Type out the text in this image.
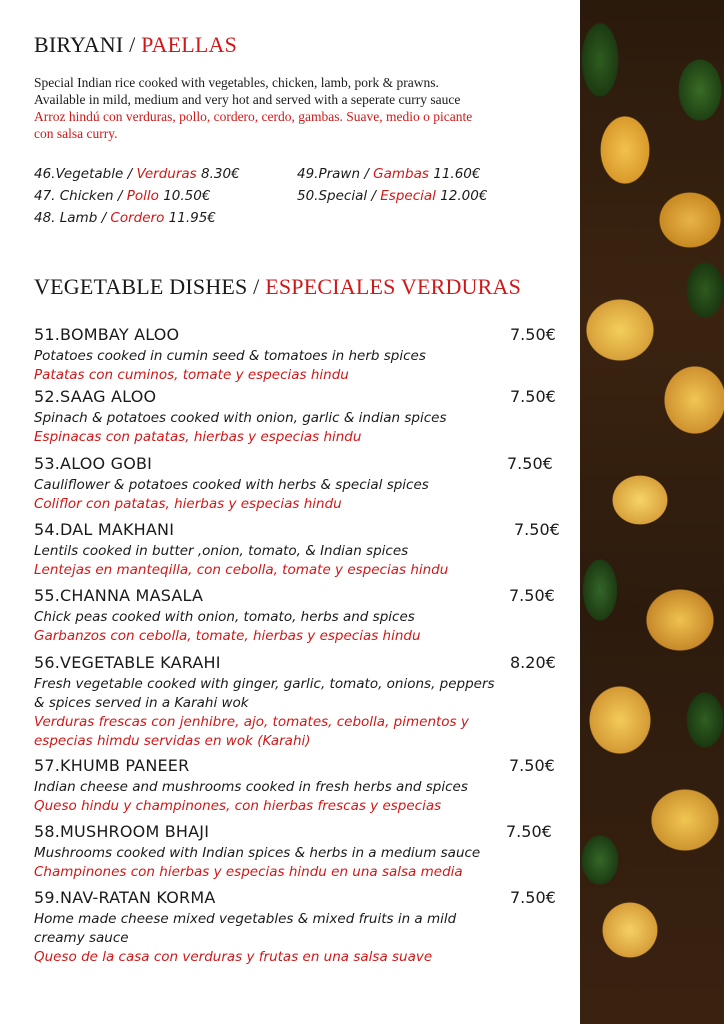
BIRYANI / PAELLAS
Special Indian rice cooked with vegetables, chicken, lamb, pork & prawns.
Available in mild, medium and very hot and served with a seperate curry sauce
Arroz hindú con verduras, pollo, cordero, cerdo, gambas. Suave, medio o picante
con salsa curry.
46.Vegetable / Verduras 8.30€
47. Chicken / Pollo 10.50€
48. Lamb / Cordero 11.95€
49.Prawn / Gambas 11.60€
50.Special / Especial 12.00€
VEGETABLE DISHES / ESPECIALES VERDURAS
51.BOMBAY ALOO	7.50€
Potatoes cooked in cumin seed & tomatoes in herb spices
Patatas con cuminos, tomate y especias hindu
52.SAAG ALOO	7.50€
Spinach & potatoes cooked with onion, garlic & indian spices
Espinacas con patatas, hierbas y especias hindu
53.ALOO GOBI	7.50€
Cauliflower & potatoes cooked with herbs & special spices
Coliflor con patatas, hierbas y especias hindu
54.DAL MAKHANI	7.50€
Lentils cooked in butter ,onion, tomato, & Indian spices
Lentejas en manteqilla, con cebolla, tomate y especias hindu
55.CHANNA MASALA	7.50€
Chick peas cooked with onion, tomato, herbs and spices
Garbanzos con cebolla, tomate, hierbas y especias hindu
56.VEGETABLE KARAHI	8.20€
Fresh vegetable cooked with ginger, garlic, tomato, onions, peppers
& spices served in a Karahi wok
Verduras frescas con jenhibre, ajo, tomates, cebolla, pimentos y
especias himdu servidas en wok (Karahi)
57.KHUMB PANEER	7.50€
Indian cheese and mushrooms cooked in fresh herbs and spices
Queso hindu y champinones, con hierbas frescas y especias
58.MUSHROOM BHAJI	7.50€
Mushrooms cooked with Indian spices & herbs in a medium sauce
Champinones con hierbas y especias hindu en una salsa media
59.NAV-RATAN KORMA	7.50€
Home made cheese mixed vegetables & mixed fruits in a mild
creamy sauce
Queso de la casa con verduras y frutas en una salsa suave
